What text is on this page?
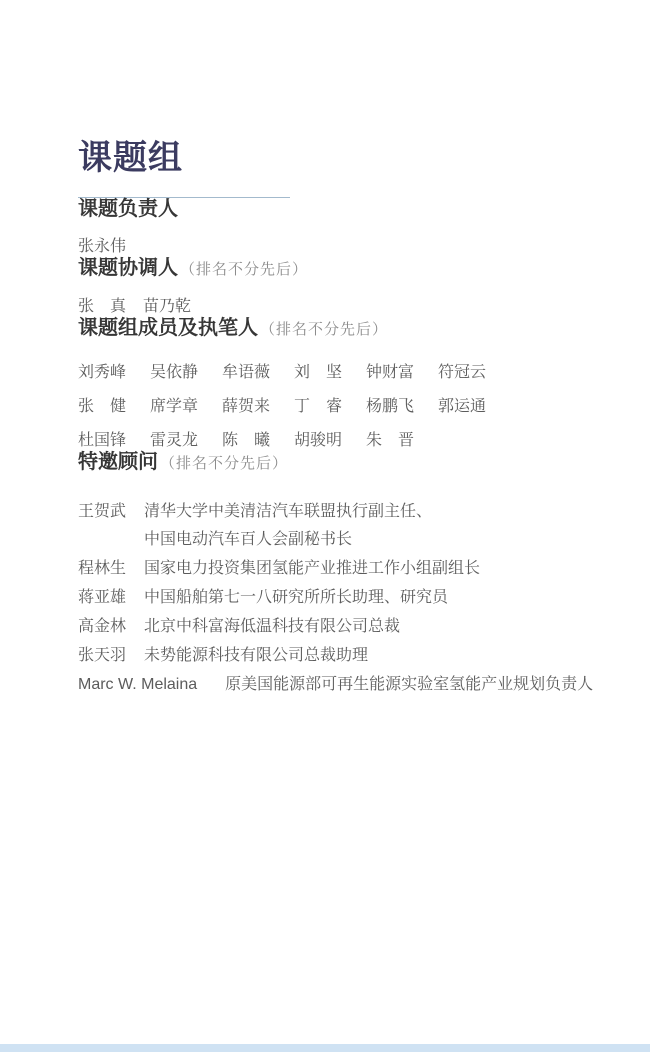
课题组
课题负责人

张永伟

课题协调人 （排名不分先后）
张　真 苗乃乾
课题组成员及执笔人 （排名不分先后）
刘秀峰 吴依静 牟语薇 刘　坚 钟财富 符冠云
张　健 席学章 薛贺来 丁　睿 杨鹏飞 郭运通
杜国锋 雷灵龙 陈　曦 胡骏明 朱　晋
特邀顾问 （排名不分先后）
王贺武 清华大学中美清洁汽车联盟执行副主任、
中国电动汽车百人会副秘书长
程林生 国家电力投资集团氢能产业推进工作小组副组长
蒋亚雄 中国船舶第七一八研究所所长助理、研究员
高金林 北京中科富海低温科技有限公司总裁
张天羽 未势能源科技有限公司总裁助理
Marc W. Melaina 原美国能源部可再生能源实验室氢能产业规划负责人
